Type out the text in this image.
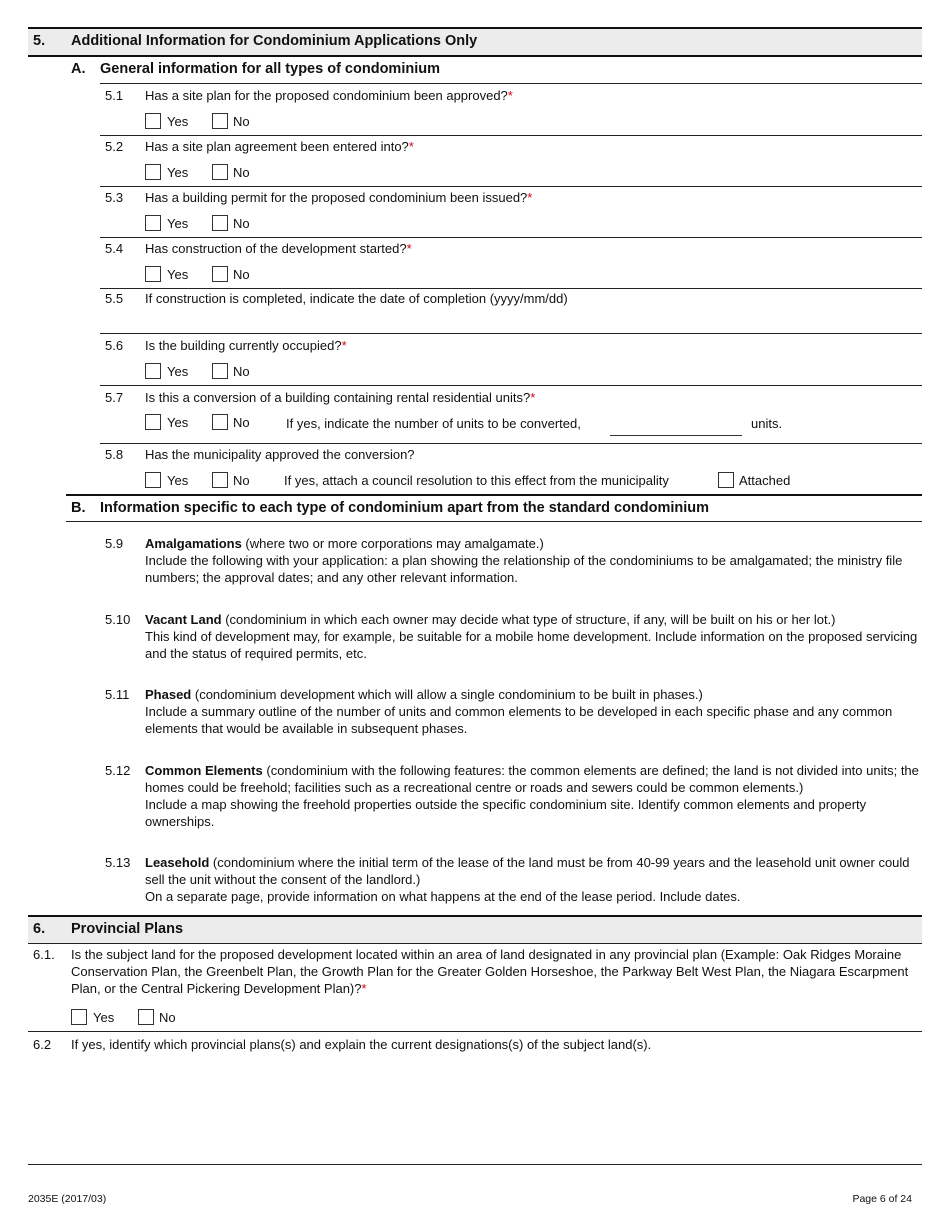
5. Additional Information for Condominium Applications Only
A. General information for all types of condominium
5.1 Has a site plan for the proposed condominium been approved?*
Yes	No
5.2 Has a site plan agreement been entered into?*
Yes	No
5.3 Has a building permit for the proposed condominium been issued?*
Yes	No
5.4 Has construction of the development started?*
Yes	No
5.5 If construction is completed, indicate the date of completion (yyyy/mm/dd)
5.6 Is the building currently occupied?*
Yes	No
5.7 Is this a conversion of a building containing rental residential units?*
Yes	No	If yes, indicate the number of units to be converted,	units.
5.8 Has the municipality approved the conversion?
Yes	No	If yes, attach a council resolution to this effect from the municipality	Attached
B. Information specific to each type of condominium apart from the standard condominium
5.9 Amalgamations (where two or more corporations may amalgamate.)
Include the following with your application: a plan showing the relationship of the condominiums to be amalgamated; the ministry file numbers; the approval dates; and any other relevant information.
5.10 Vacant Land (condominium in which each owner may decide what type of structure, if any, will be built on his or her lot.)
This kind of development may, for example, be suitable for a mobile home development. Include information on the proposed servicing and the status of required permits, etc.
5.11 Phased (condominium development which will allow a single condominium to be built in phases.)
Include a summary outline of the number of units and common elements to be developed in each specific phase and any common elements that would be available in subsequent phases.
5.12 Common Elements (condominium with the following features: the common elements are defined; the land is not divided into units; the homes could be freehold; facilities such as a recreational centre or roads and sewers could be common elements.)
Include a map showing the freehold properties outside the specific condominium site. Identify common elements and property ownerships.
5.13 Leasehold (condominium where the initial term of the lease of the land must be from 40-99 years and the leasehold unit owner could sell the unit without the consent of the landlord.)
On a separate page, provide information on what happens at the end of the lease period. Include dates.
6. Provincial Plans
6.1. Is the subject land for the proposed development located within an area of land designated in any provincial plan (Example: Oak Ridges Moraine Conservation Plan, the Greenbelt Plan, the Growth Plan for the Greater Golden Horseshoe, the Parkway Belt West Plan, the Niagara Escarpment Plan, or the Central Pickering Development Plan)?*
Yes	No
6.2 If yes, identify which provincial plans(s) and explain the current designations(s) of the subject land(s).
2035E (2017/03)	Page 6 of 24
